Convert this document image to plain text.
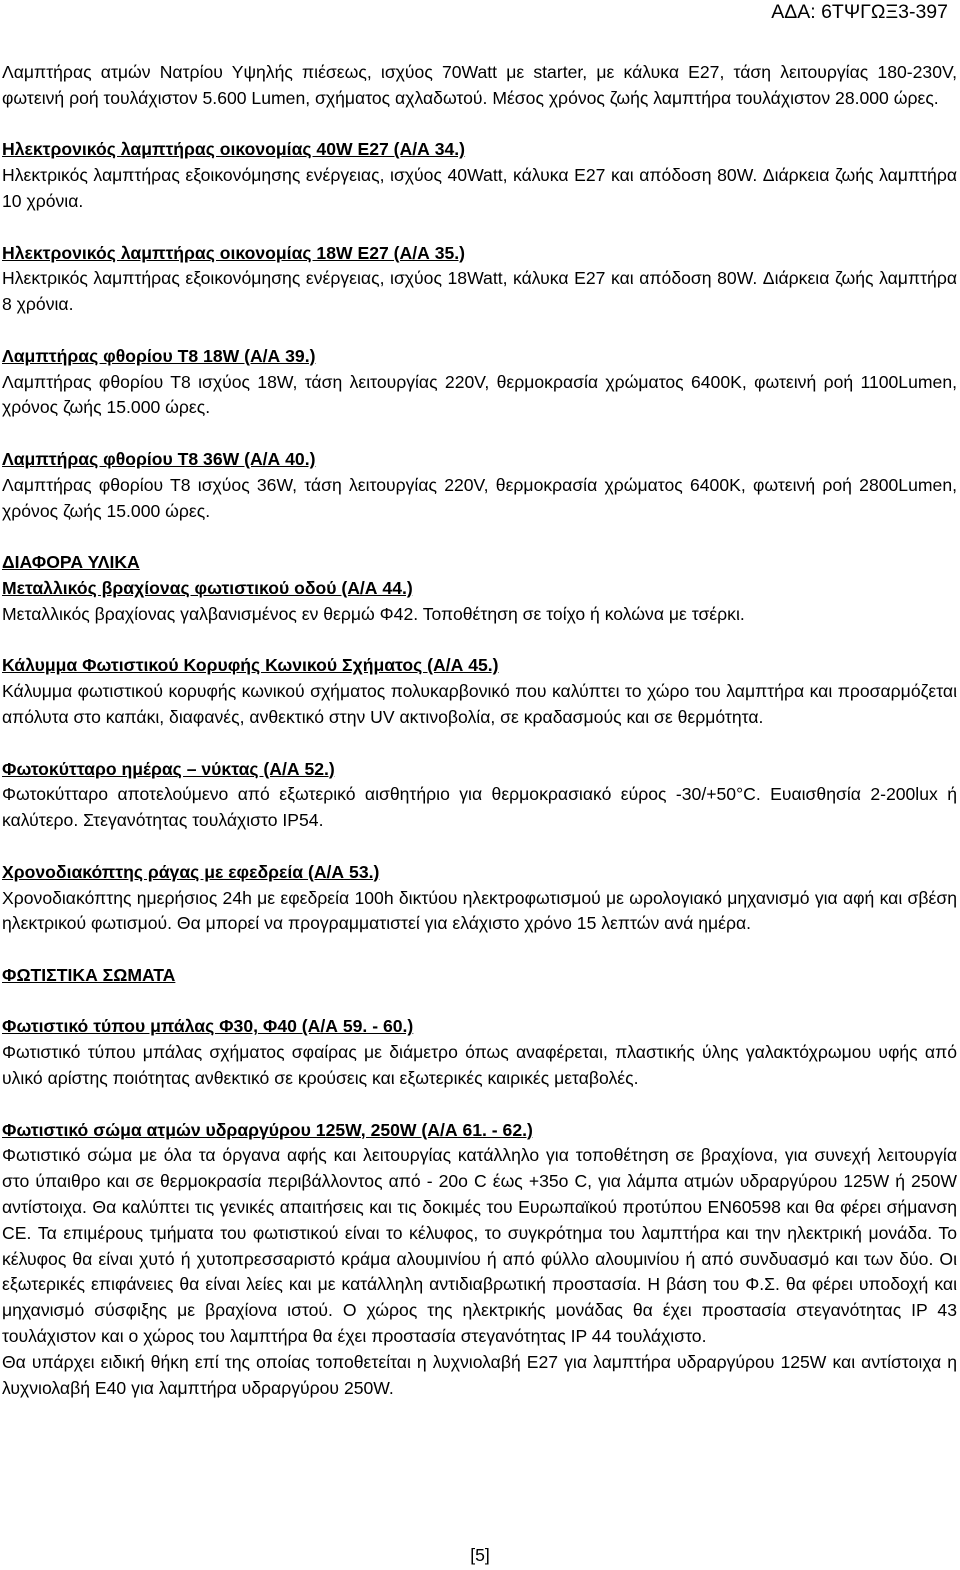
ΑΔΑ: 6ΤΨΓΩΞ3-397

Λαμπτήρας ατμών Νατρίου Υψηλής πιέσεως, ισχύος 70Watt με starter, με κάλυκα Ε27, τάση λειτουργίας 180-230V, φωτεινή ροή τουλάχιστον 5.600 Lumen, σχήματος αχλαδωτού. Μέσος χρόνος ζωής λαμπτήρα τουλάχιστον 28.000 ώρες.

Ηλεκτρονικός λαμπτήρας οικονομίας 40W E27 (Α/Α 34.)

Ηλεκτρικός λαμπτήρας εξοικονόμησης ενέργειας, ισχύος 40Watt, κάλυκα Ε27 και απόδοση 80W. Διάρκεια ζωής λαμπτήρα 10 χρόνια.

Ηλεκτρονικός λαμπτήρας οικονομίας 18W E27 (Α/Α 35.)

Ηλεκτρικός λαμπτήρας εξοικονόμησης ενέργειας, ισχύος 18Watt, κάλυκα Ε27 και απόδοση 80W. Διάρκεια ζωής λαμπτήρα 8 χρόνια.

Λαμπτήρας φθορίου Τ8 18W (Α/Α 39.)

Λαμπτήρας φθορίου Τ8 ισχύος 18W, τάση λειτουργίας 220V, θερμοκρασία χρώματος 6400K, φωτεινή ροή 1100Lumen, χρόνος ζωής 15.000 ώρες.

Λαμπτήρας φθορίου Τ8 36W (Α/Α 40.)

Λαμπτήρας φθορίου Τ8 ισχύος 36W, τάση λειτουργίας 220V, θερμοκρασία χρώματος 6400K, φωτεινή ροή 2800Lumen, χρόνος ζωής 15.000 ώρες.

ΔΙΑΦΟΡΑ ΥΛΙΚΑ

Μεταλλικός βραχίονας φωτιστικού οδού (Α/Α 44.)

Μεταλλικός βραχίονας γαλβανισμένος εν θερμώ Φ42. Τοποθέτηση σε τοίχο ή κολώνα με τσέρκι.

Κάλυμμα Φωτιστικού Κορυφής Κωνικού Σχήματος (Α/Α 45.)

Κάλυμμα φωτιστικού κορυφής κωνικού σχήματος πολυκαρβονικό που καλύπτει το χώρο του λαμπτήρα και προσαρμόζεται απόλυτα στο καπάκι, διαφανές, ανθεκτικό στην UV ακτινοβολία, σε κραδασμούς και σε θερμότητα.

Φωτοκύτταρο ημέρας – νύκτας (Α/Α 52.)

Φωτοκύτταρο αποτελούμενο από εξωτερικό αισθητήριο για θερμοκρασιακό εύρος -30/+50°C. Ευαισθησία 2-200lux ή καλύτερο. Στεγανότητας τουλάχιστο IP54.

Χρονοδιακόπτης ράγας με εφεδρεία (Α/Α 53.)

Χρονοδιακόπτης ημερήσιος 24h με εφεδρεία 100h δικτύου ηλεκτροφωτισμού με ωρολογιακό μηχανισμό για αφή και σβέση ηλεκτρικού φωτισμού. Θα μπορεί να προγραμματιστεί για ελάχιστο χρόνο 15 λεπτών ανά ημέρα.

ΦΩΤΙΣΤΙΚΑ ΣΩΜΑΤΑ

Φωτιστικό τύπου μπάλας Φ30, Φ40 (Α/Α 59. - 60.)

Φωτιστικό τύπου μπάλας σχήματος σφαίρας με διάμετρο όπως αναφέρεται, πλαστικής ύλης γαλακτόχρωμου υφής από υλικό αρίστης ποιότητας ανθεκτικό σε κρούσεις και εξωτερικές καιρικές μεταβολές.

Φωτιστικό σώμα ατμών υδραργύρου 125W, 250W (Α/Α 61. - 62.)

Φωτιστικό σώμα με όλα τα όργανα αφής και λειτουργίας κατάλληλο για τοποθέτηση σε βραχίονα, για συνεχή λειτουργία στο ύπαιθρο και σε θερμοκρασία περιβάλλοντος από - 20ο C έως +35ο C, για λάμπα ατμών υδραργύρου 125W ή 250W αντίστοιχα. Θα καλύπτει τις γενικές απαιτήσεις και τις δοκιμές του Ευρωπαϊκού προτύπου EN60598 και θα φέρει σήμανση CE. Τα επιμέρους τμήματα του φωτιστικού είναι το κέλυφος, το συγκρότημα του λαμπτήρα και την ηλεκτρική μονάδα. Το κέλυφος θα είναι χυτό ή χυτοπρεσσαριστό κράμα αλουμινίου ή από φύλλο αλουμινίου ή από συνδυασμό και των δύο. Οι εξωτερικές επιφάνειες θα είναι λείες και με κατάλληλη αντιδιαβρωτική προστασία. Η βάση του Φ.Σ. θα φέρει υποδοχή και μηχανισμό σύσφιξης με βραχίονα ιστού. Ο χώρος της ηλεκτρικής μονάδας θα έχει προστασία στεγανότητας IP 43 τουλάχιστον και ο χώρος του λαμπτήρα θα έχει προστασία στεγανότητας IP 44 τουλάχιστο.

Θα υπάρχει ειδική θήκη επί της οποίας τοποθετείται η λυχνιολαβή Ε27 για λαμπτήρα υδραργύρου 125W και αντίστοιχα η λυχνιολαβή Ε40 για λαμπτήρα υδραργύρου 250W.

[5]
